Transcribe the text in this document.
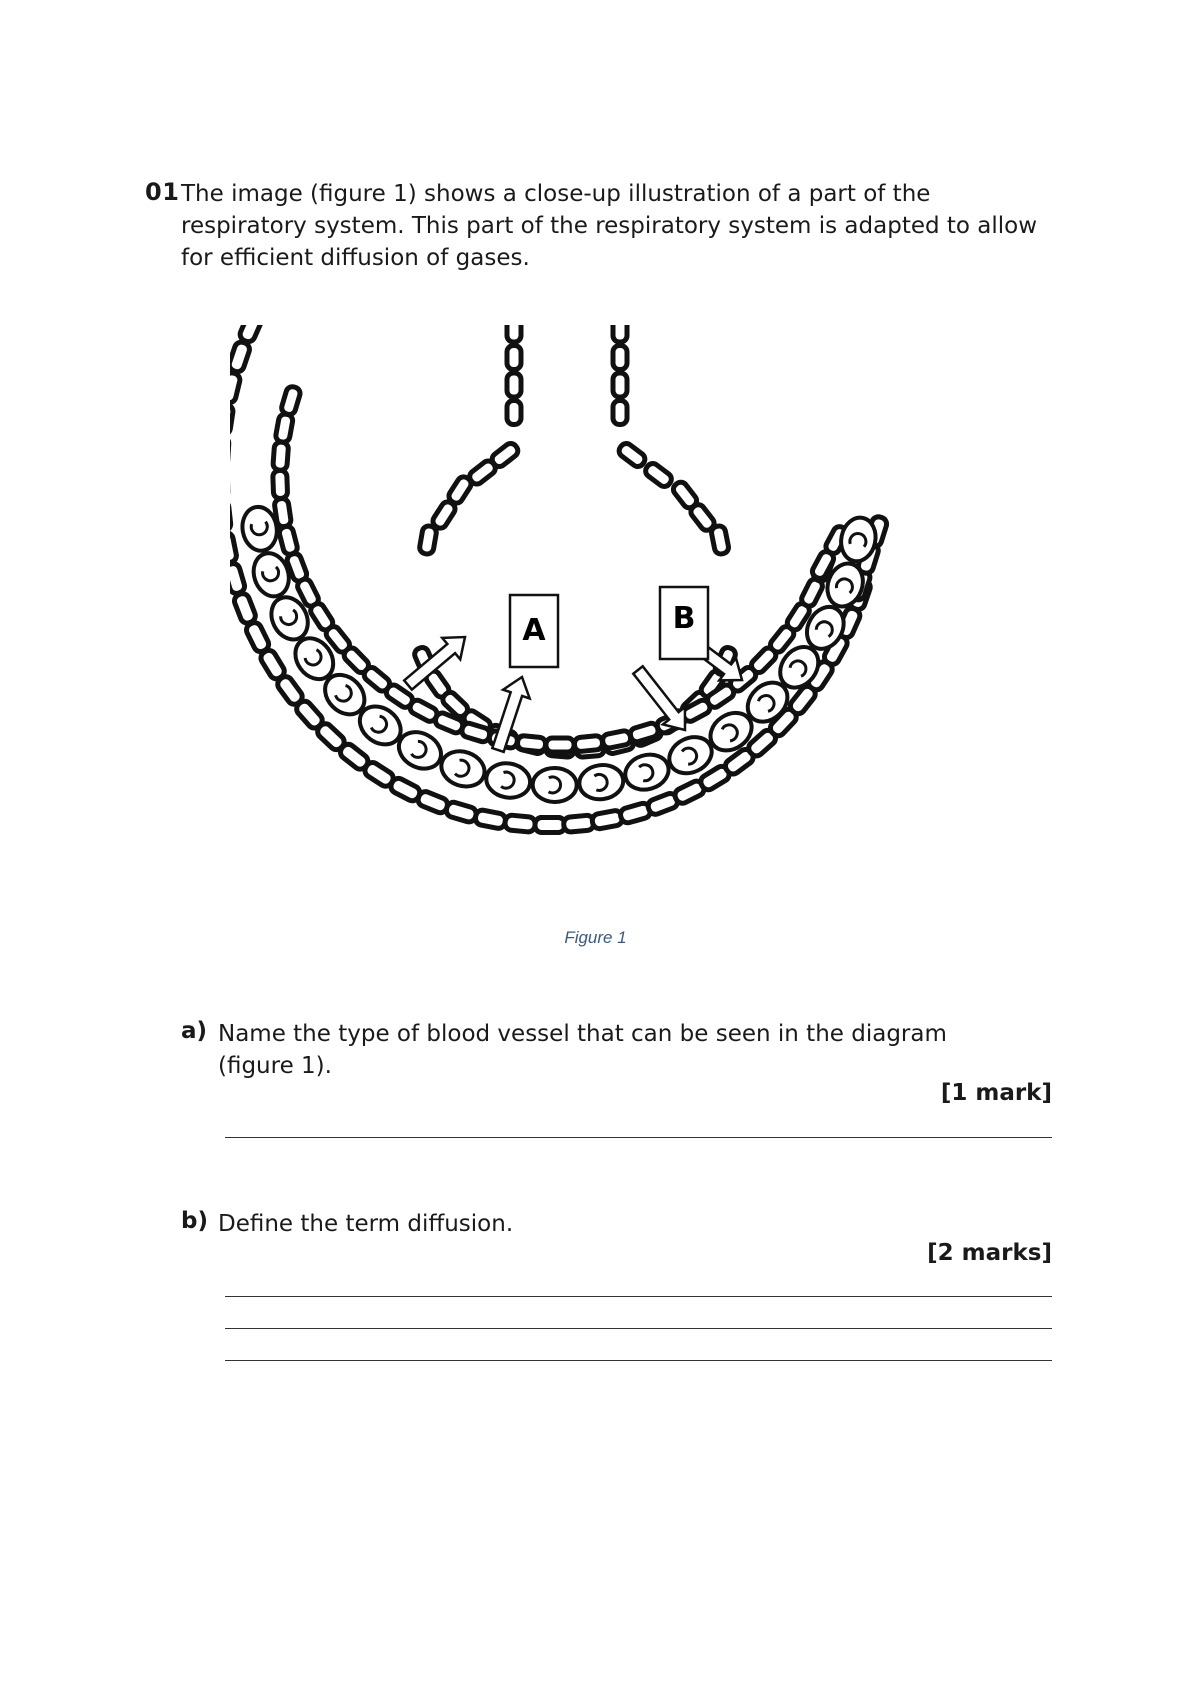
01 The image (figure 1) shows a close-up illustration of a part of the respiratory system. This part of the respiratory system is adapted to allow for efficient diffusion of gases.

A	B
Figure 1
a) Name the type of blood vessel that can be seen in the diagram (figure 1).
[1 mark]
b) Define the term diffusion.
[2 marks]
